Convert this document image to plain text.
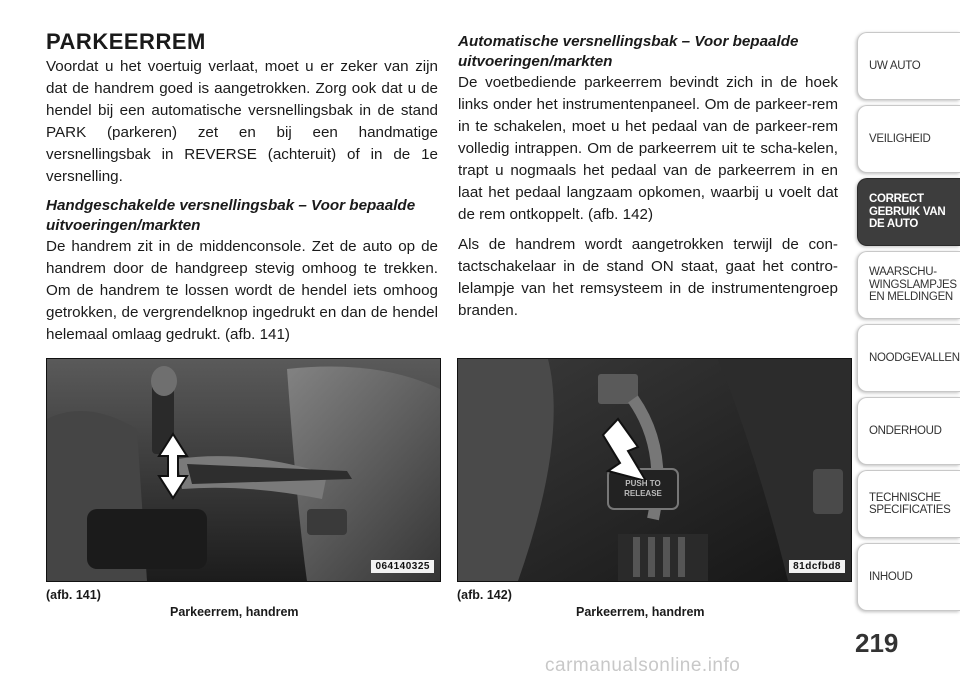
PARKEERREM

Voordat u het voertuig verlaat, moet u er zeker van zijn dat de handrem goed is aangetrokken. Zorg ook dat u de hendel bij een automatische versnellingsbak in de stand PARK (parkeren) zet en bij een handmatige versnellingsbak in REVERSE (achteruit) of in de 1e versnelling.

Handgeschakelde versnellingsbak – Voor bepaalde

uitvoeringen/markten

De handrem zit in de middenconsole. Zet de auto op de handrem door de handgreep stevig omhoog te trekken. Om de handrem te lossen wordt de hendel iets omhoog getrokken, de vergrendelknop ingedrukt en dan de hendel helemaal omlaag gedrukt. (afb. 141)

Automatische versnellingsbak – Voor bepaalde

uitvoeringen/markten

De voetbediende parkeerrem bevindt zich in de hoek links onder het instrumentenpaneel. Om de parkeer-rem in te schakelen, moet u het pedaal van de parkeer-rem volledig intrappen. Om de parkeerrem uit te scha-kelen, trapt u nogmaals het pedaal van de parkeerrem in en laat het pedaal langzaam opkomen, waarbij u voelt dat de rem ontkoppelt. (afb. 142)

Als de handrem wordt aangetrokken terwijl de con-tactschakelaar in de stand ON staat, gaat het contro-lelampje van het remsysteem in de instrumentengroep branden.

064140325
PUSH TO
RELEASE
81dcfbd8
(afb. 141)
Parkeerrem, handrem
(afb. 142)
Parkeerrem, handrem
UW AUTO
VEILIGHEID
CORRECT
GEBRUIK VAN
DE AUTO
WAARSCHU-
WINGSLAMPJES
EN MELDINGEN
NOODGEVALLEN
ONDERHOUD
TECHNISCHE
SPECIFICATIES
INHOUD
219
carmanualsonline.info
